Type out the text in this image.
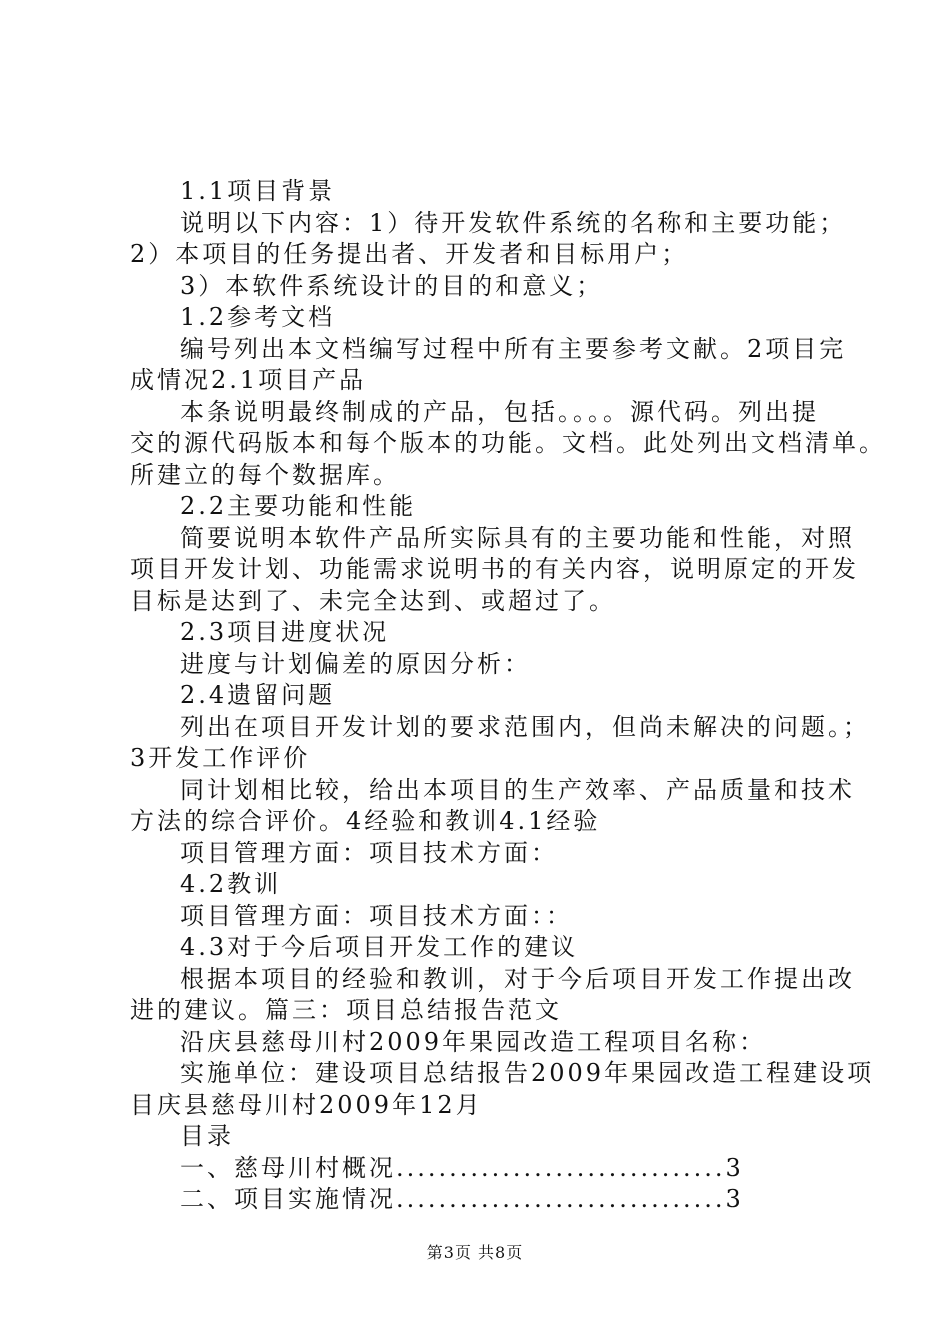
1.1项目背景
说明以下内容：1）待开发软件系统的名称和主要功能；
2）本项目的任务提出者、开发者和目标用户；
3）本软件系统设计的目的和意义；
1.2参考文档
编号列出本文档编写过程中所有主要参考文献。2项目完
成情况2.1项目产品
本条说明最终制成的产品，包括。。。。源代码。列出提
交的源代码版本和每个版本的功能。文档。此处列出文档清单。
所建立的每个数据库。
2.2主要功能和性能
简要说明本软件产品所实际具有的主要功能和性能，对照
项目开发计划、功能需求说明书的有关内容，说明原定的开发
目标是达到了、未完全达到、或超过了。
2.3项目进度状况
进度与计划偏差的原因分析：
2.4遗留问题
列出在项目开发计划的要求范围内，但尚未解决的问题。；
3开发工作评价
同计划相比较，给出本项目的生产效率、产品质量和技术
方法的综合评价。4经验和教训4.1经验
项目管理方面：项目技术方面：
4.2教训
项目管理方面：项目技术方面：：
4.3对于今后项目开发工作的建议
根据本项目的经验和教训，对于今后项目开发工作提出改
进的建议。篇三：项目总结报告范文
沿庆县慈母川村2009年果园改造工程项目名称：
实施单位：建设项目总结报告2009年果园改造工程建设项
目庆县慈母川村2009年12月
目录
一、慈母川村概况...............................3
二、项目实施情况...............................3
第3页 共8页
